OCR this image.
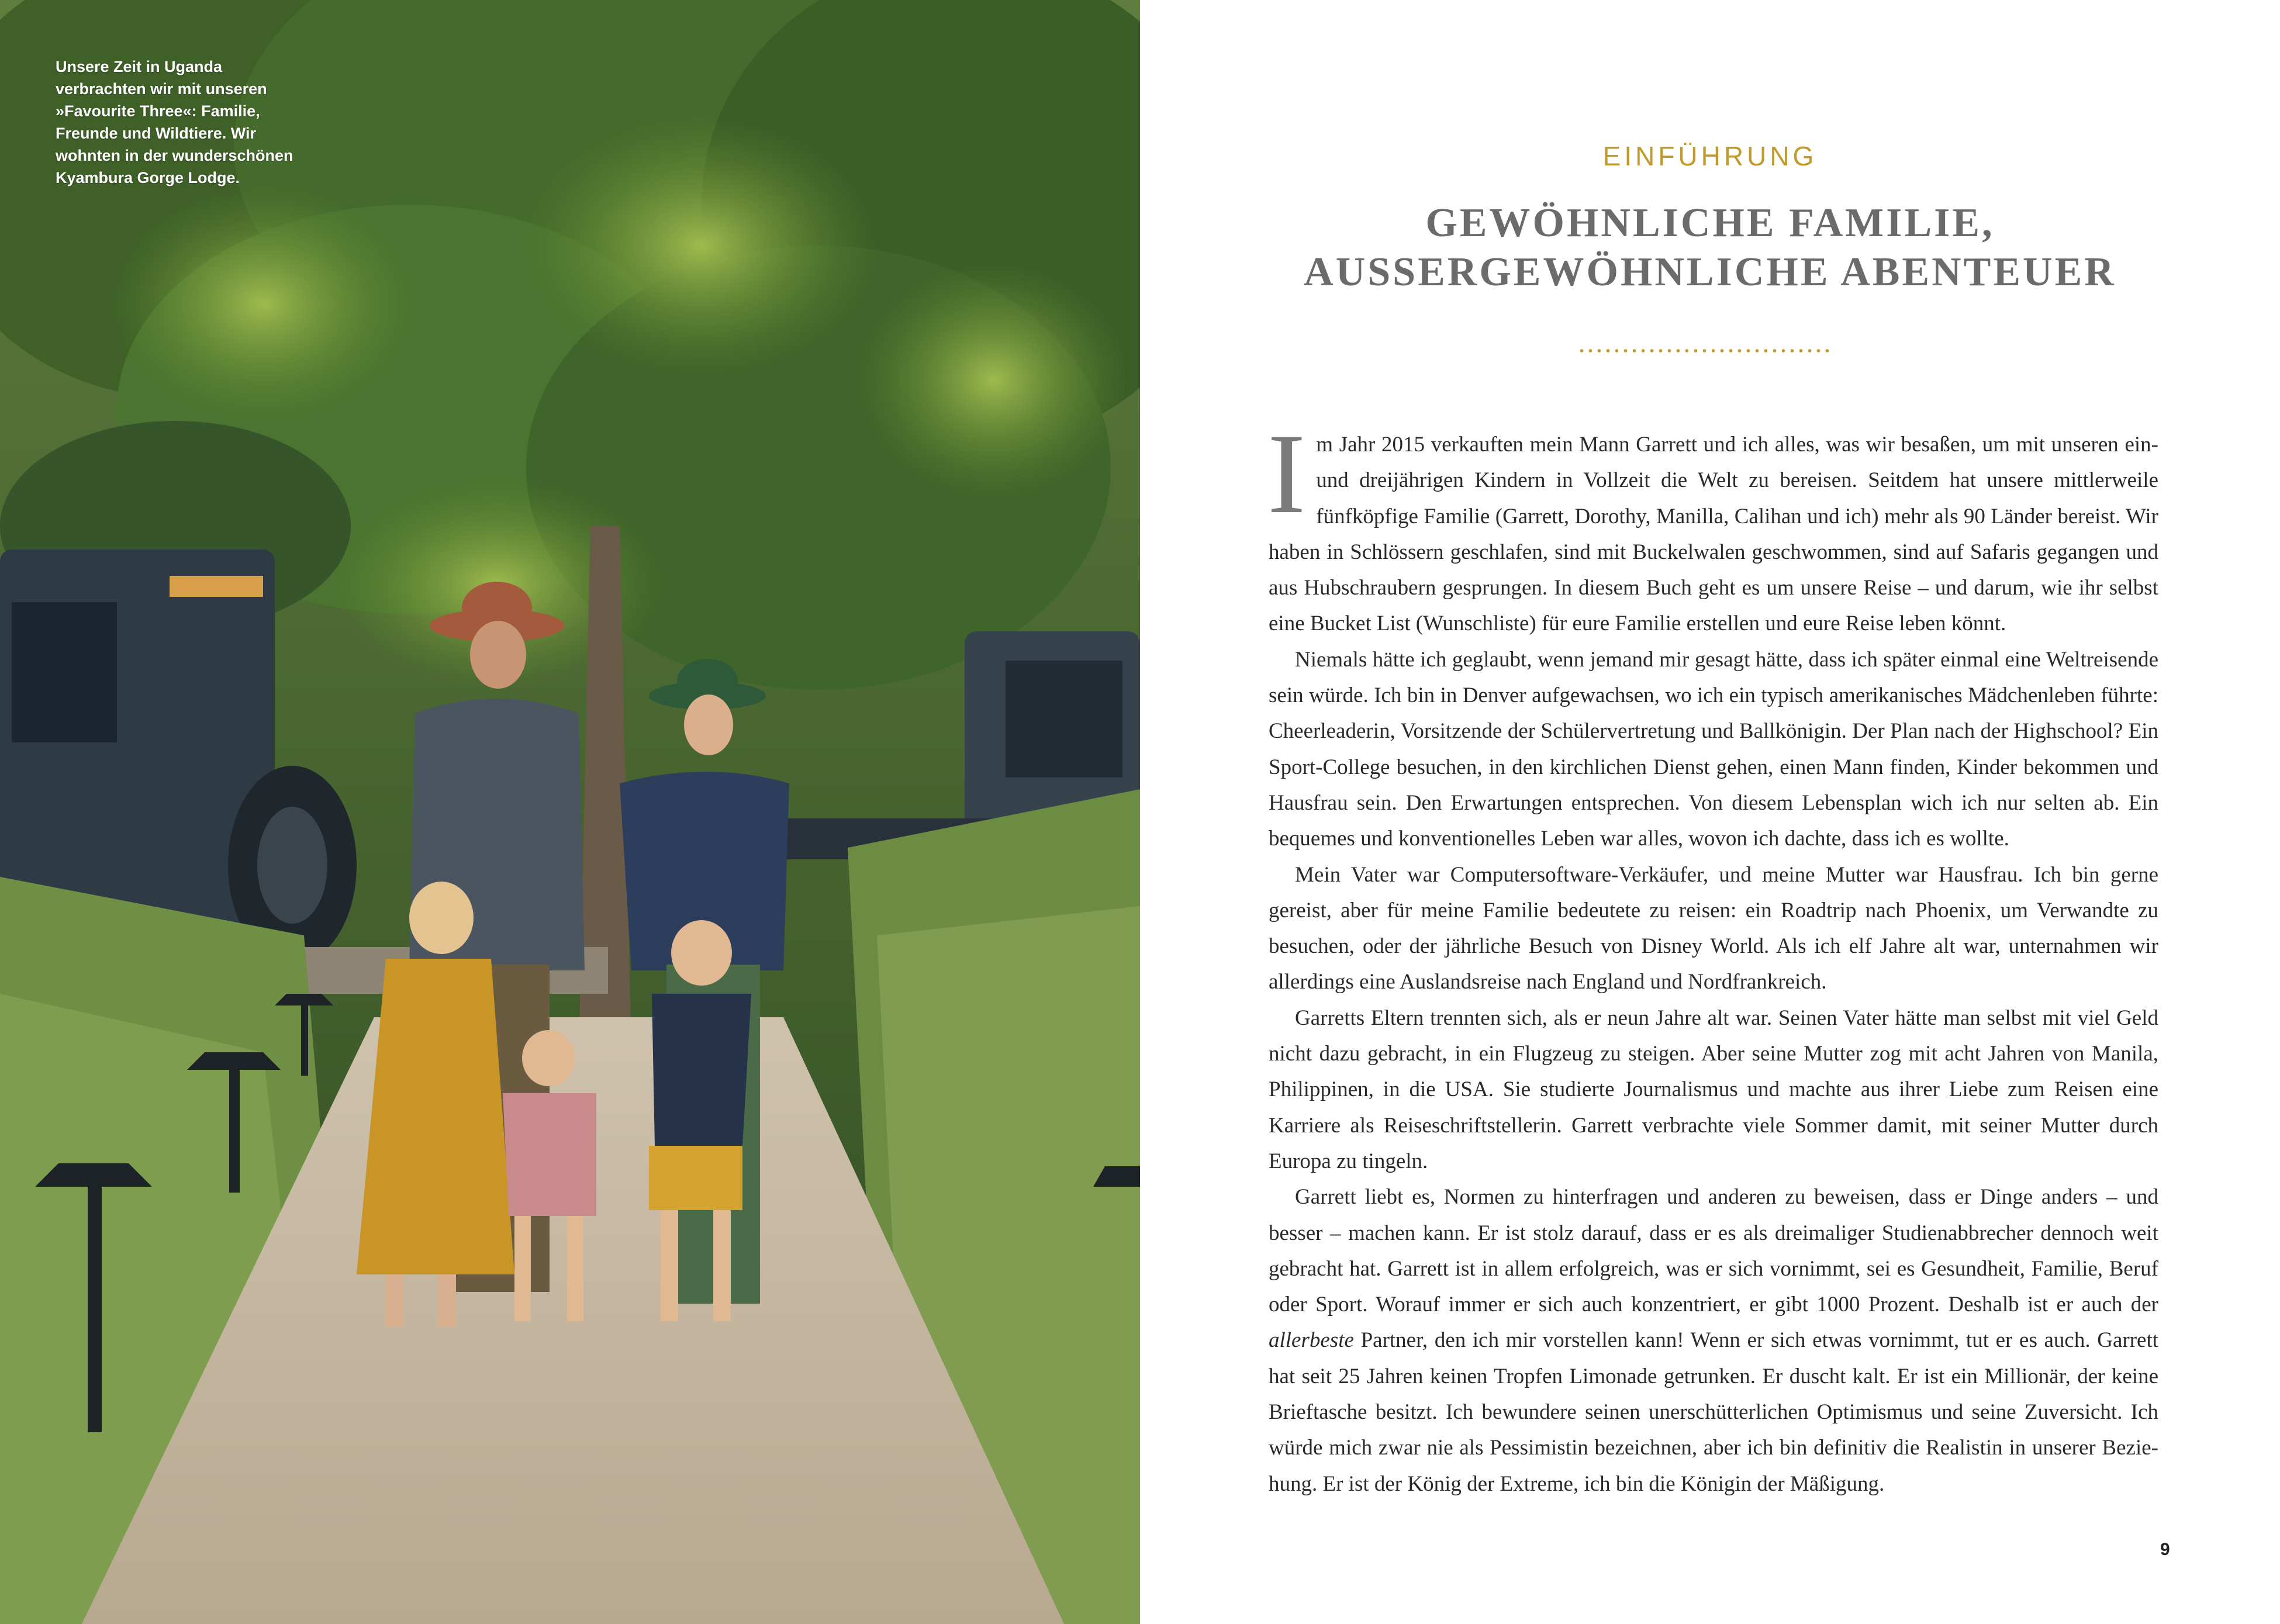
Unsere Zeit in Uganda verbrachten wir mit unseren »Favourite Three«: Familie, Freunde und Wildtiere. Wir wohnten in der wunderschönen Kyambura Gorge Lodge.

EINFÜHRUNG

GEWÖHNLICHE FAMILIE,
AUSSERGEWÖHNLICHE ABENTEUER

Im Jahr 2015 verkauften mein Mann Garrett und ich alles, was wir besaßen, um mit unseren ein- und dreijährigen Kindern in Vollzeit die Welt zu bereisen. Seitdem hat unsere mittlerweile fünfköpfige Familie (Garrett, Dorothy, Manilla, Calihan und ich) mehr als 90 Länder bereist. Wir haben in Schlössern geschlafen, sind mit Buckelwalen geschwommen, sind auf Safaris gegangen und aus Hubschraubern gesprungen. In diesem Buch geht es um unsere Reise – und darum, wie ihr selbst eine Bucket List (Wunschliste) für eure Familie erstellen und eure Reise leben könnt.

Niemals hätte ich geglaubt, wenn jemand mir gesagt hätte, dass ich später einmal eine Weltreisende sein würde. Ich bin in Denver aufgewachsen, wo ich ein typisch amerikanisches Mädchenleben führte: Cheerleaderin, Vorsitzende der Schülervertretung und Ballkönigin. Der Plan nach der Highschool? Ein Sport-College besuchen, in den kirchlichen Dienst gehen, einen Mann finden, Kinder bekommen und Hausfrau sein. Den Erwartungen entsprechen. Von diesem Lebensplan wich ich nur selten ab. Ein bequemes und konventionelles Leben war alles, wovon ich dachte, dass ich es wollte.

Mein Vater war Computersoftware-Verkäufer, und meine Mutter war Hausfrau. Ich bin gerne gereist, aber für meine Familie bedeutete zu reisen: ein Roadtrip nach Phoenix, um Verwandte zu besuchen, oder der jährliche Besuch von Disney World. Als ich elf Jahre alt war, unternahmen wir allerdings eine Auslandsreise nach England und Nordfrankreich.

Garretts Eltern trennten sich, als er neun Jahre alt war. Seinen Vater hätte man selbst mit viel Geld nicht dazu gebracht, in ein Flugzeug zu steigen. Aber seine Mutter zog mit acht Jahren von Manila, Philippinen, in die USA. Sie studierte Journalismus und machte aus ihrer Liebe zum Reisen eine Karriere als Reiseschriftstellerin. Garrett verbrachte viele Sommer damit, mit seiner Mutter durch Europa zu tingeln.

Garrett liebt es, Normen zu hinterfragen und anderen zu beweisen, dass er Dinge anders – und besser – machen kann. Er ist stolz darauf, dass er es als dreimaliger Studienabbrecher dennoch weit gebracht hat. Garrett ist in allem erfolgreich, was er sich vornimmt, sei es Gesundheit, Familie, Beruf oder Sport. Worauf immer er sich auch konzentriert, er gibt 1000 Prozent. Deshalb ist er auch der allerbeste Partner, den ich mir vorstellen kann! Wenn er sich etwas vornimmt, tut er es auch. Garrett hat seit 25 Jahren keinen Tropfen Limonade getrunken. Er duscht kalt. Er ist ein Millionär, der keine Brieftasche besitzt. Ich bewundere seinen unerschütterlichen Optimismus und seine Zuversicht. Ich würde mich zwar nie als Pessimistin bezeichnen, aber ich bin definitiv die Realistin in unserer Beziehung. Er ist der König der Extreme, ich bin die Königin der Mäßigung.

9
